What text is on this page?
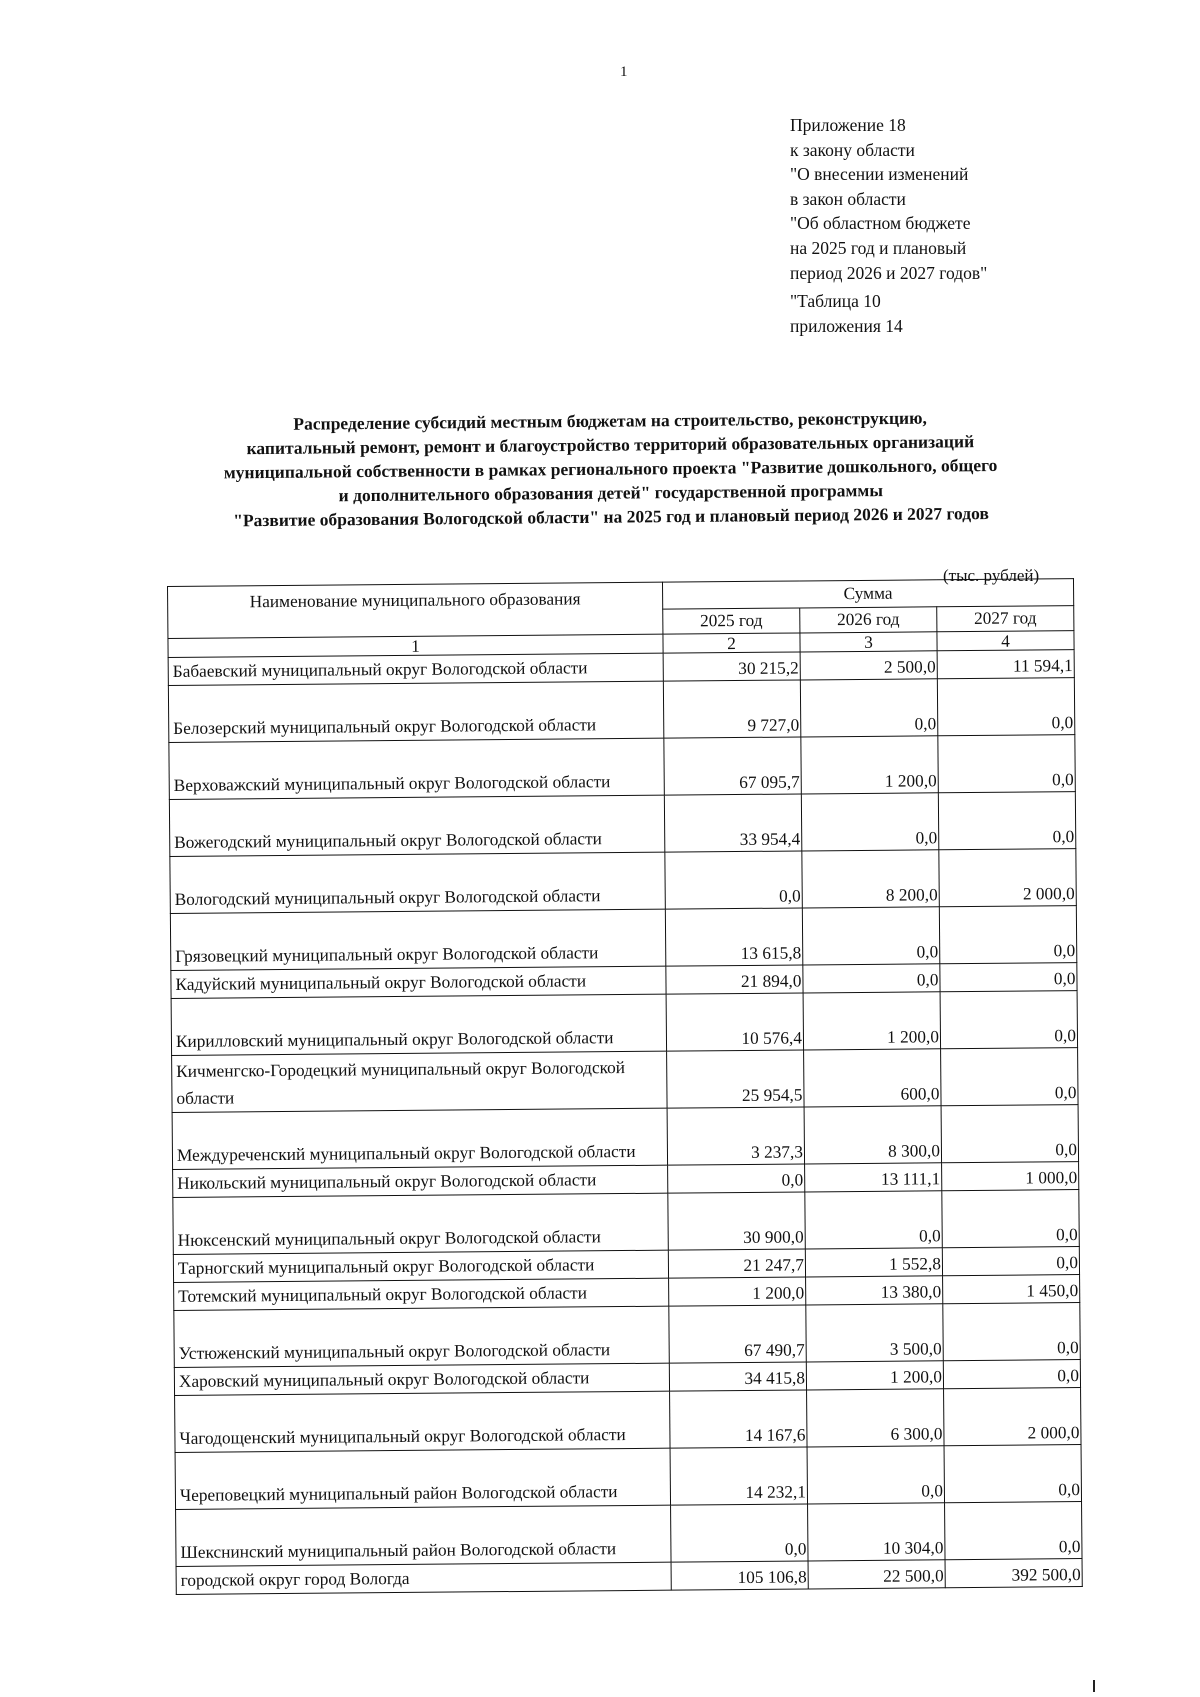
1
Приложение 18
к закону области
"О внесении изменений
в закон области
"Об областном бюджете
на 2025 год и плановый
период 2026 и 2027 годов"
"Таблица 10
приложения 14
Распределение субсидий местным бюджетам на строительство, реконструкцию,
капитальный ремонт, ремонт и благоустройство территорий образовательных организаций
муниципальной собственности в рамках регионального проекта "Развитие дошкольного, общего
и дополнительного образования детей" государственной программы
"Развитие образования Вологодской области" на 2025 год и плановый период 2026 и 2027 годов
(тыс. рублей)
Наименование муниципального образования	Сумма		
	2025 год	2026 год	2027 год
1	2	3	4
Бабаевский муниципальный округ Вологодской области	30 215,2	2 500,0	11 594,1
Белозерский муниципальный округ Вологодской области	9 727,0	0,0	0,0
Верховажский муниципальный округ Вологодской области	67 095,7	1 200,0	0,0
Вожегодский муниципальный округ Вологодской области	33 954,4	0,0	0,0
Вологодский муниципальный округ Вологодской области	0,0	8 200,0	2 000,0
Грязовецкий муниципальный округ Вологодской области	13 615,8	0,0	0,0
Кадуйский муниципальный округ Вологодской области	21 894,0	0,0	0,0
Кирилловский муниципальный округ Вологодской области	10 576,4	1 200,0	0,0
Кичменгско-Городецкий муниципальный округ Вологодской области	25 954,5	600,0	0,0
Междуреченский муниципальный округ Вологодской области	3 237,3	8 300,0	0,0
Никольский муниципальный округ Вологодской области	0,0	13 111,1	1 000,0
Нюксенский муниципальный округ Вологодской области	30 900,0	0,0	0,0
Тарногский муниципальный округ Вологодской области	21 247,7	1 552,8	0,0
Тотемский муниципальный округ Вологодской области	1 200,0	13 380,0	1 450,0
Устюженский муниципальный округ Вологодской области	67 490,7	3 500,0	0,0
Харовский муниципальный округ Вологодской области	34 415,8	1 200,0	0,0
Чагодощенский муниципальный округ Вологодской области	14 167,6	6 300,0	2 000,0
Череповецкий муниципальный район Вологодской области	14 232,1	0,0	0,0
Шекснинский муниципальный район Вологодской области	0,0	10 304,0	0,0
городской округ город Вологда	105 106,8	22 500,0	392 500,0
